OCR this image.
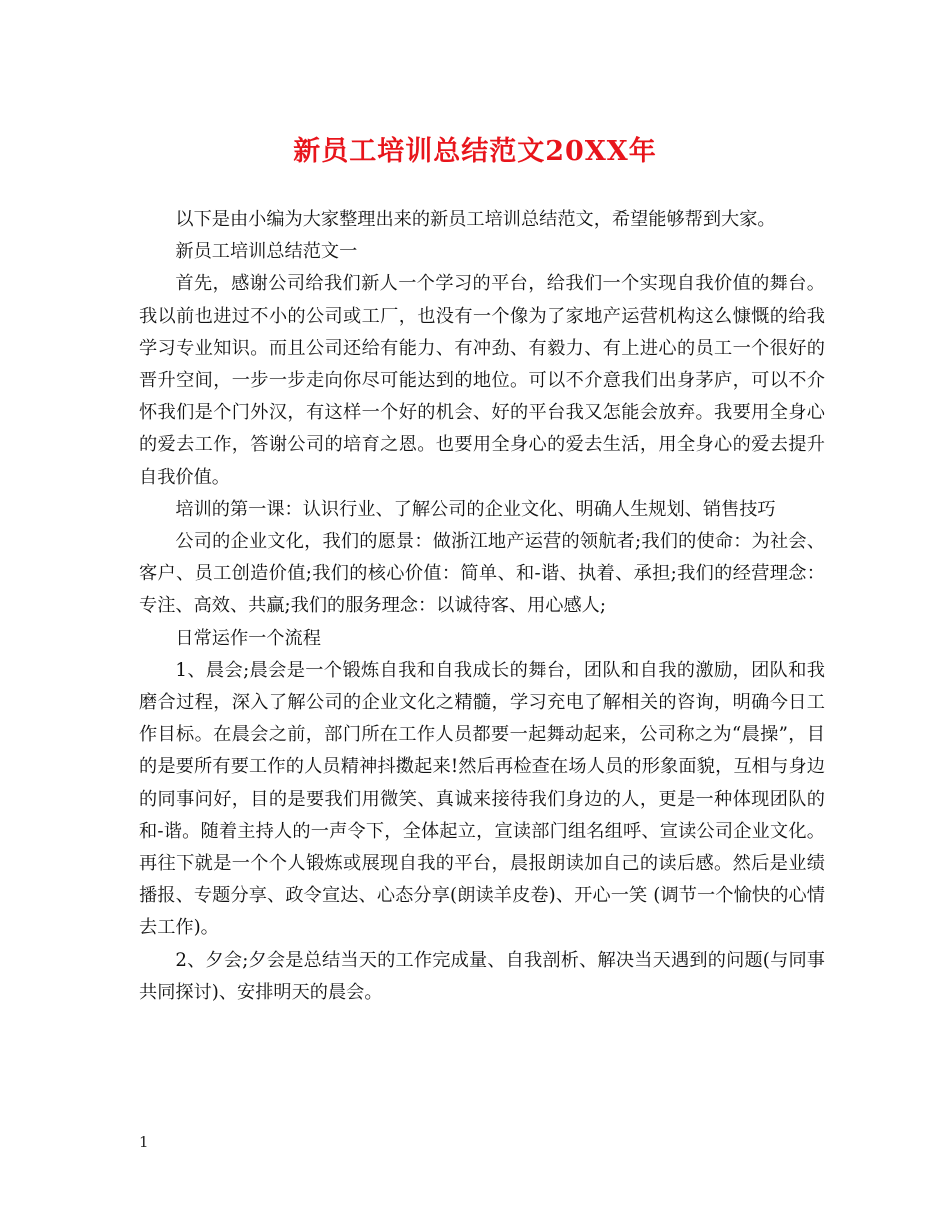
新员工培训总结范文20XX年

以下是由小编为大家整理出来的新员工培训总结范文，希望能够帮到大家。

新员工培训总结范文一

首先，感谢公司给我们新人一个学习的平台，给我们一个实现自我价值的舞台。我以前也进过不小的公司或工厂，也没有一个像为了家地产运营机构这么慷慨的给我学习专业知识。而且公司还给有能力、有冲劲、有毅力、有上进心的员工一个很好的晋升空间，一步一步走向你尽可能达到的地位。可以不介意我们出身茅庐，可以不介怀我们是个门外汉，有这样一个好的机会、好的平台我又怎能会放弃。我要用全身心的爱去工作，答谢公司的培育之恩。也要用全身心的爱去生活，用全身心的爱去提升自我价值。

培训的第一课：认识行业、了解公司的企业文化、明确人生规划、销售技巧

公司的企业文化，我们的愿景：做浙江地产运营的领航者;我们的使命：为社会、客户、员工创造价值;我们的核心价值：简单、和-谐、执着、承担;我们的经营理念：专注、高效、共赢;我们的服务理念：以诚待客、用心感人;

日常运作一个流程

1、晨会;晨会是一个锻炼自我和自我成长的舞台，团队和自我的激励，团队和我磨合过程，深入了解公司的企业文化之精髓，学习充电了解相关的咨询，明确今日工作目标。在晨会之前，部门所在工作人员都要一起舞动起来，公司称之为“晨操”，目的是要所有要工作的人员精神抖擞起来!然后再检查在场人员的形象面貌，互相与身边的同事问好，目的是要我们用微笑、真诚来接待我们身边的人，更是一种体现团队的和-谐。随着主持人的一声令下，全体起立，宣读部门组名组呼、宣读公司企业文化。再往下就是一个个人锻炼或展现自我的平台，晨报朗读加自己的读后感。然后是业绩播报、专题分享、政令宣达、心态分享(朗读羊皮卷)、开心一笑 (调节一个愉快的心情去工作)。

2、夕会;夕会是总结当天的工作完成量、自我剖析、解决当天遇到的问题(与同事共同探讨)、安排明天的晨会。

1
